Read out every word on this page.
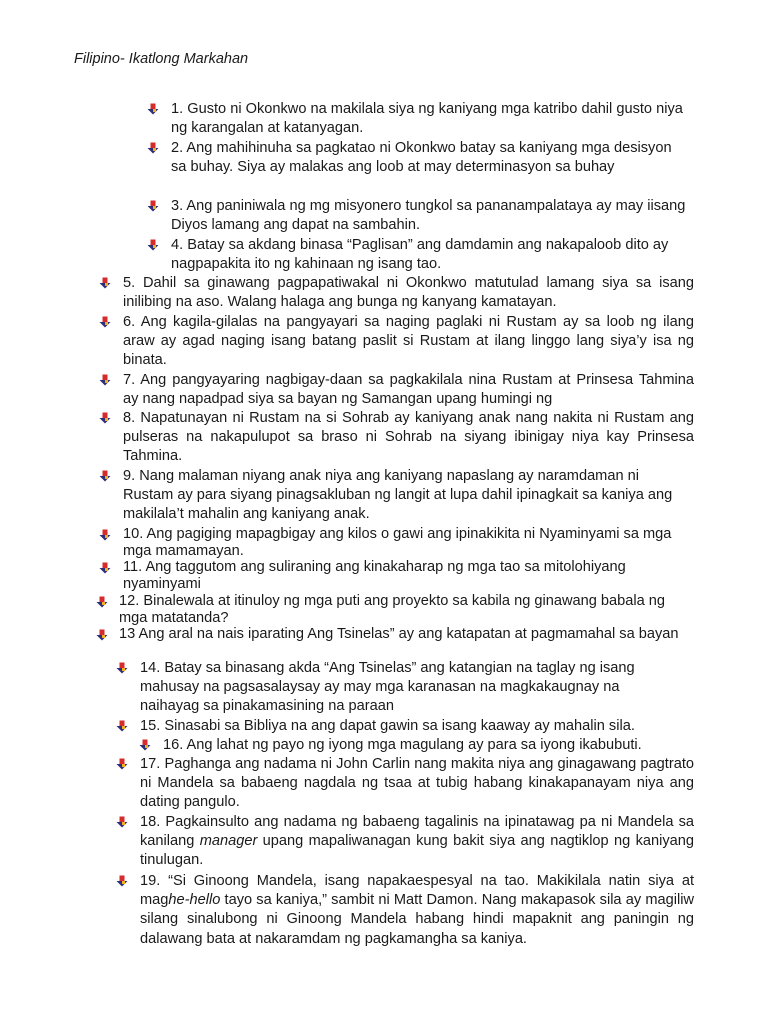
Filipino- Ikatlong Markahan
1. Gusto ni Okonkwo na makilala siya ng kaniyang mga katribo dahil gusto niya ng karangalan at katanyagan.
2. Ang mahihinuha sa pagkatao ni Okonkwo batay sa kaniyang mga desisyon sa buhay. Siya ay malakas ang loob at may determinasyon sa buhay
3. Ang paniniwala ng mg misyonero tungkol sa pananampalataya ay may iisang Diyos lamang ang dapat na sambahin.
4. Batay sa akdang binasa “Paglisan” ang damdamin ang nakapaloob dito ay nagpapakita ito ng kahinaan ng isang tao.
5. Dahil sa ginawang pagpapatiwakal ni Okonkwo matutulad lamang siya sa isang inilibing na aso. Walang halaga ang bunga ng kanyang kamatayan.
6. Ang kagila-gilalas na pangyayari sa naging paglaki ni Rustam ay sa loob ng ilang araw ay agad naging isang batang paslit si Rustam at ilang linggo lang siya’y isa ng binata.
7. Ang pangyayaring nagbigay-daan sa pagkakilala nina Rustam at Prinsesa Tahmina ay nang napadpad siya sa bayan ng Samangan upang humingi ng
8. Napatunayan ni Rustam na si Sohrab ay kaniyang anak nang nakita ni Rustam ang pulseras na nakapulupot sa braso ni Sohrab na siyang ibinigay niya kay Prinsesa Tahmina.
9. Nang malaman niyang anak niya ang kaniyang napaslang ay naramdaman ni Rustam ay para siyang pinagsakluban ng langit at lupa dahil ipinagkait sa kaniya ang makilala’t mahalin ang kaniyang anak.
10. Ang pagiging mapagbigay ang kilos o gawi ang ipinakikita ni Nyaminyami sa mga mga mamamayan.
11. Ang taggutom ang suliraning ang kinakaharap ng mga tao sa mitolohiyang nyaminyami
12. Binalewala at itinuloy ng mga puti ang proyekto sa kabila ng ginawang babala ng mga matatanda?
13 Ang aral na nais iparating Ang Tsinelas” ay ang katapatan at pagmamahal sa bayan
14. Batay sa binasang akda “Ang Tsinelas” ang katangian na taglay ng isang mahusay na pagsasalaysay ay may mga karanasan na magkakaugnay na naihayag sa pinakamasining na paraan
15. Sinasabi sa Bibliya na ang dapat gawin sa isang kaaway ay mahalin sila.
16. Ang lahat ng payo ng iyong mga magulang ay para sa iyong ikabubuti.
17. Paghanga ang nadama ni John Carlin nang makita niya ang ginagawang pagtrato ni Mandela sa babaeng nagdala ng tsaa at tubig habang kinakapanayam niya ang dating pangulo.
18. Pagkainsulto ang nadama ng babaeng tagalinis na ipinatawag pa ni Mandela sa kanilang manager upang mapaliwanagan kung bakit siya ang nagtiklop ng kaniyang tinulugan.
19. “Si Ginoong Mandela, isang napakaespesyal na tao. Makikilala natin siya at maghe-hello tayo sa kaniya,” sambit ni Matt Damon. Nang makapasok sila ay magiliw silang sinalubong ni Ginoong Mandela habang hindi mapaknit ang paningin ng dalawang bata at nakaramdam ng pagkamangha sa kaniya.
